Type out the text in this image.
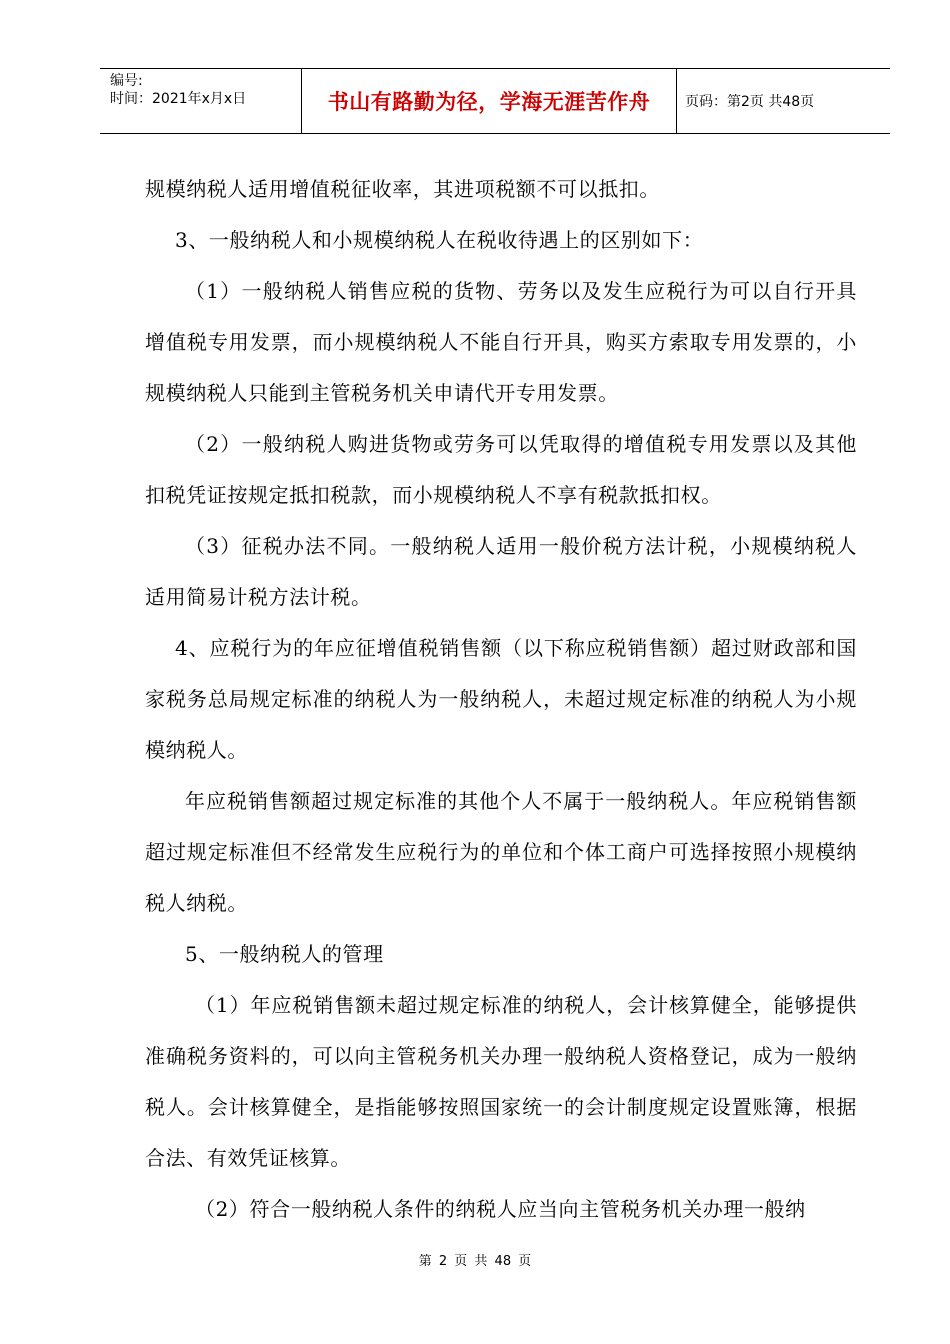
编号:
时间：2021年x月x日	书山有路勤为径，学海无涯苦作舟	页码：第2页 共48页

规模纳税人适用增值税征收率，其进项税额不可以抵扣。

3、一般纳税人和小规模纳税人在税收待遇上的区别如下：

（1）一般纳税人销售应税的货物、劳务以及发生应税行为可以自行开具增值税专用发票，而小规模纳税人不能自行开具，购买方索取专用发票的，小规模纳税人只能到主管税务机关申请代开专用发票。

（2）一般纳税人购进货物或劳务可以凭取得的增值税专用发票以及其他扣税凭证按规定抵扣税款，而小规模纳税人不享有税款抵扣权。

（3）征税办法不同。一般纳税人适用一般价税方法计税，小规模纳税人适用简易计税方法计税。

4、应税行为的年应征增值税销售额（以下称应税销售额）超过财政部和国家税务总局规定标准的纳税人为一般纳税人，未超过规定标准的纳税人为小规模纳税人。

年应税销售额超过规定标准的其他个人不属于一般纳税人。年应税销售额超过规定标准但不经常发生应税行为的单位和个体工商户可选择按照小规模纳税人纳税。

5、一般纳税人的管理

（1）年应税销售额未超过规定标准的纳税人，会计核算健全，能够提供准确税务资料的，可以向主管税务机关办理一般纳税人资格登记，成为一般纳税人。会计核算健全，是指能够按照国家统一的会计制度规定设置账簿，根据合法、有效凭证核算。

（2）符合一般纳税人条件的纳税人应当向主管税务机关办理一般纳

第 2 页 共 48 页
